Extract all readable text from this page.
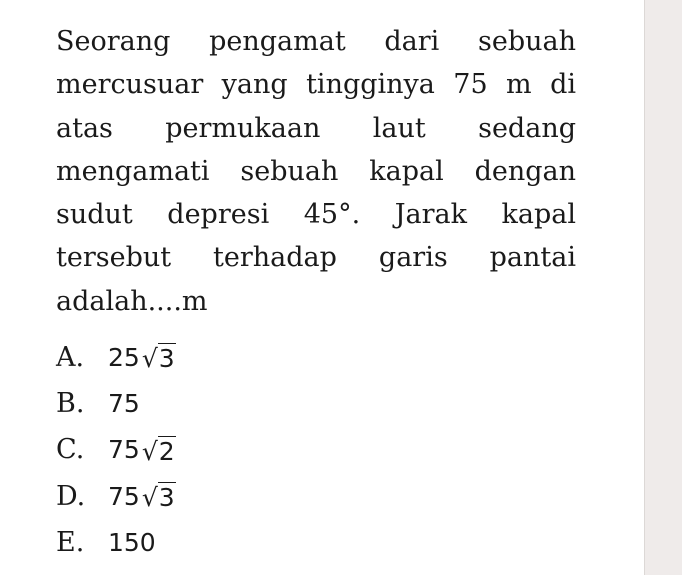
Seorang pengamat dari sebuah
mercusuar yang tingginya 75 m di
atas permukaan laut sedang
mengamati sebuah kapal dengan
sudut depresi 45°. Jarak kapal
tersebut terhadap garis pantai
adalah....m

A. 25 √ 3
B. 75
C. 75 √ 2
D. 75 √ 3
E. 150
